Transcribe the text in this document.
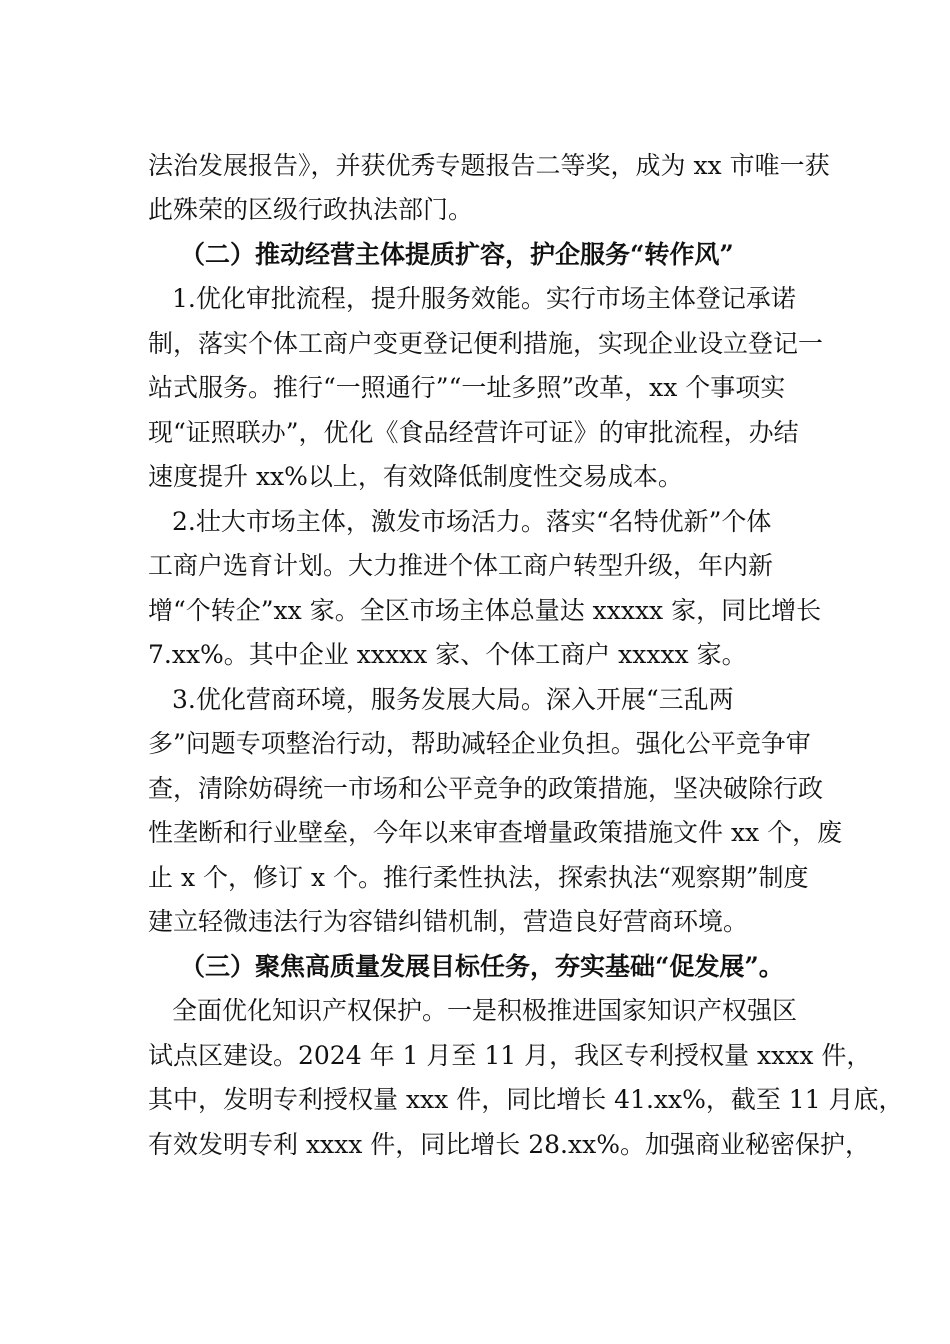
法治发展报告》，并获优秀专题报告二等奖，成为 xx 市唯一获
此殊荣的区级行政执法部门。
（二）推动经营主体提质扩容，护企服务“转作风”
1.优化审批流程，提升服务效能。实行市场主体登记承诺
制，落实个体工商户变更登记便利措施，实现企业设立登记一
站式服务。推行“一照通行”“一址多照”改革，xx 个事项实
现“证照联办”，优化《食品经营许可证》的审批流程，办结
速度提升 xx%以上，有效降低制度性交易成本。
2.壮大市场主体，激发市场活力。落实“名特优新”个体
工商户选育计划。大力推进个体工商户转型升级，年内新
增“个转企”xx 家。全区市场主体总量达 xxxxx 家，同比增长
7.xx%。其中企业 xxxxx 家、个体工商户 xxxxx 家。
3.优化营商环境，服务发展大局。深入开展“三乱两
多”问题专项整治行动，帮助减轻企业负担。强化公平竞争审
查，清除妨碍统一市场和公平竞争的政策措施，坚决破除行政
性垄断和行业壁垒，今年以来审查增量政策措施文件 xx 个，废
止 x 个，修订 x 个。推行柔性执法，探索执法“观察期”制度
建立轻微违法行为容错纠错机制，营造良好营商环境。
（三）聚焦高质量发展目标任务，夯实基础“促发展”。
全面优化知识产权保护。一是积极推进国家知识产权强区
试点区建设。2024 年 1 月至 11 月，我区专利授权量 xxxx 件，
其中，发明专利授权量 xxx 件，同比增长 41.xx%，截至 11 月底，
有效发明专利 xxxx 件，同比增长 28.xx%。加强商业秘密保护，
